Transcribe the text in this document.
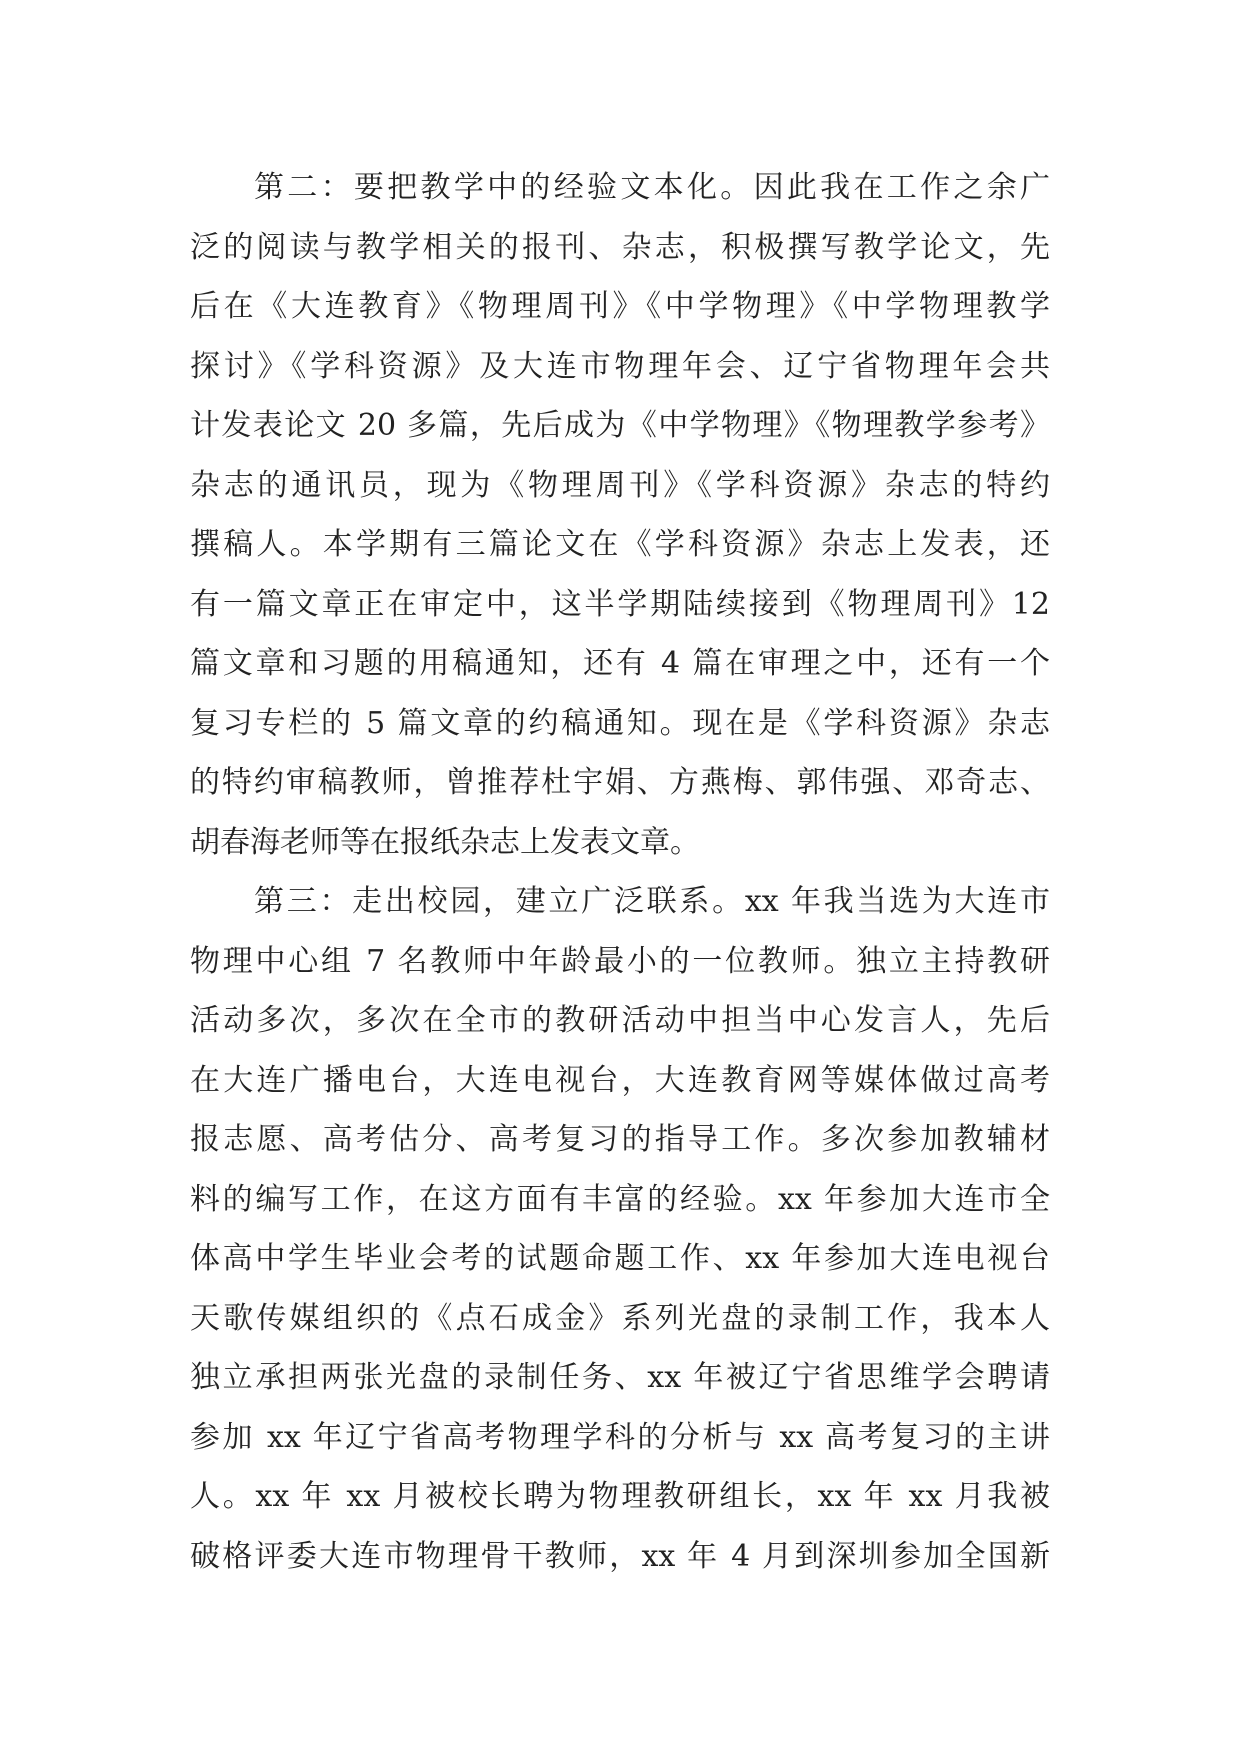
第二：要把教学中的经验文本化。因此我在工作之余广
泛的阅读与教学相关的报刊、杂志，积极撰写教学论文，先
后在《大连教育》《物理周刊》《中学物理》《中学物理教学
探讨》《学科资源》及大连市物理年会、辽宁省物理年会共
计发表论文 20 多篇，先后成为《中学物理》《物理教学参考》
杂志的通讯员，现为《物理周刊》《学科资源》杂志的特约
撰稿人。本学期有三篇论文在《学科资源》杂志上发表，还
有一篇文章正在审定中，这半学期陆续接到《物理周刊》12
篇文章和习题的用稿通知，还有 4 篇在审理之中，还有一个
复习专栏的 5 篇文章的约稿通知。现在是《学科资源》杂志
的特约审稿教师，曾推荐杜宇娟、方燕梅、郭伟强、邓奇志、
胡春海老师等在报纸杂志上发表文章。
第三：走出校园，建立广泛联系。xx 年我当选为大连市
物理中心组 7 名教师中年龄最小的一位教师。独立主持教研
活动多次，多次在全市的教研活动中担当中心发言人，先后
在大连广播电台，大连电视台，大连教育网等媒体做过高考
报志愿、高考估分、高考复习的指导工作。多次参加教辅材
料的编写工作，在这方面有丰富的经验。xx 年参加大连市全
体高中学生毕业会考的试题命题工作、xx 年参加大连电视台
天歌传媒组织的《点石成金》系列光盘的录制工作，我本人
独立承担两张光盘的录制任务、xx 年被辽宁省思维学会聘请
参加 xx 年辽宁省高考物理学科的分析与 xx 高考复习的主讲
人。xx 年 xx 月被校长聘为物理教研组长，xx 年 xx 月我被
破格评委大连市物理骨干教师，xx 年 4 月到深圳参加全国新
